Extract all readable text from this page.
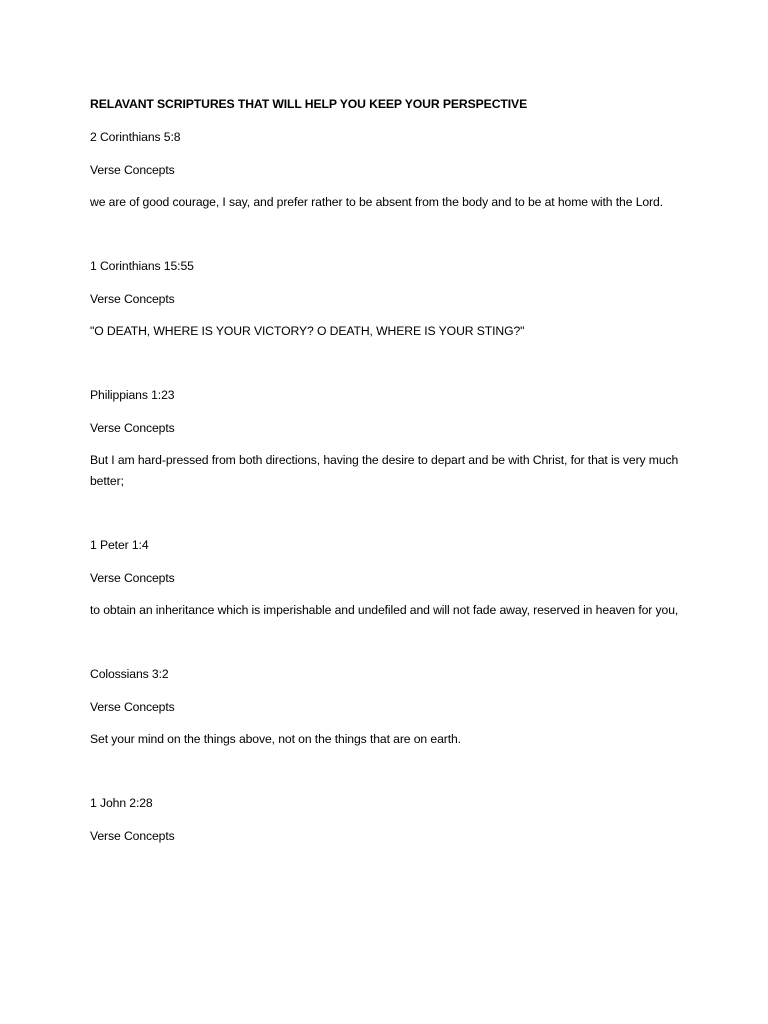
RELAVANT SCRIPTURES THAT WILL HELP YOU KEEP YOUR PERSPECTIVE
2 Corinthians 5:8
Verse Concepts
we are of good courage, I say, and prefer rather to be absent from the body and to be at home with the Lord.
1 Corinthians 15:55
Verse Concepts
"O DEATH, WHERE IS YOUR VICTORY? O DEATH, WHERE IS YOUR STING?"
Philippians 1:23
Verse Concepts
But I am hard-pressed from both directions, having the desire to depart and be with Christ, for that is very much better;
1 Peter 1:4
Verse Concepts
to obtain an inheritance which is imperishable and undefiled and will not fade away, reserved in heaven for you,
Colossians 3:2
Verse Concepts
Set your mind on the things above, not on the things that are on earth.
1 John 2:28
Verse Concepts
